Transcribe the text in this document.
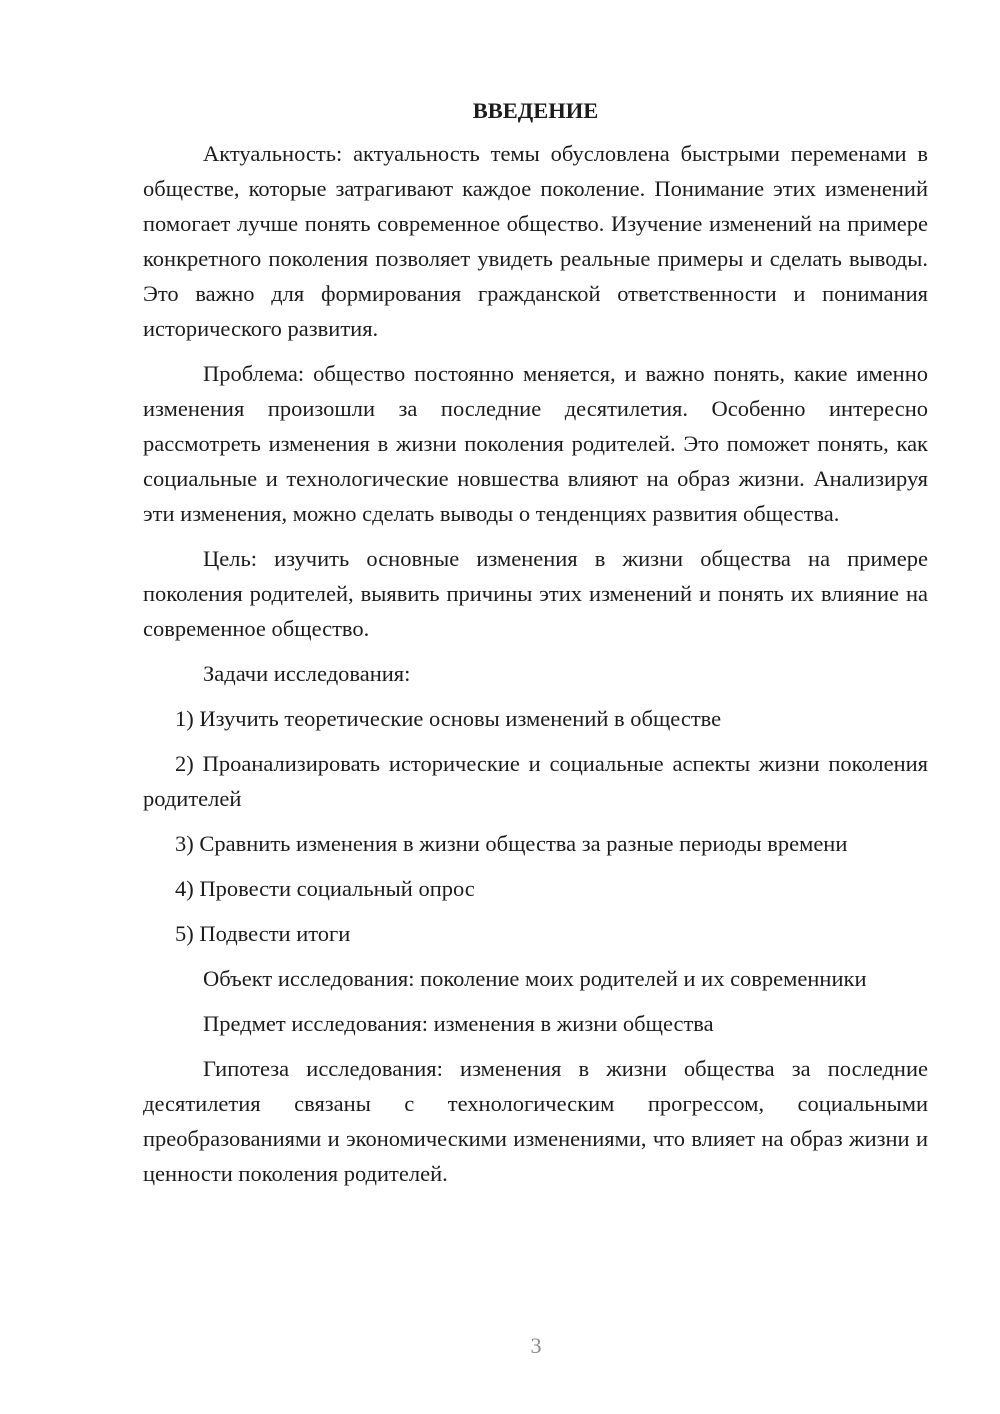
ВВЕДЕНИЕ

Актуальность: актуальность темы обусловлена быстрыми переменами в обществе, которые затрагивают каждое поколение. Понимание этих изменений помогает лучше понять современное общество. Изучение изменений на примере конкретного поколения позволяет увидеть реальные примеры и сделать выводы. Это важно для формирования гражданской ответственности и понимания исторического развития.

Проблема: общество постоянно меняется, и важно понять, какие именно изменения произошли за последние десятилетия. Особенно интересно рассмотреть изменения в жизни поколения родителей. Это поможет понять, как социальные и технологические новшества влияют на образ жизни. Анализируя эти изменения, можно сделать выводы о тенденциях развития общества.

Цель: изучить основные изменения в жизни общества на примере поколения родителей, выявить причины этих изменений и понять их влияние на современное общество.

Задачи исследования:

1) Изучить теоретические основы изменений в обществе

2) Проанализировать исторические и социальные аспекты жизни поколения родителей

3) Сравнить изменения в жизни общества за разные периоды времени

4) Провести социальный опрос

5) Подвести итоги

Объект исследования: поколение моих родителей и их современники

Предмет исследования: изменения в жизни общества

Гипотеза исследования: изменения в жизни общества за последние десятилетия связаны с технологическим прогрессом, социальными преобразованиями и экономическими изменениями, что влияет на образ жизни и ценности поколения родителей.

3
